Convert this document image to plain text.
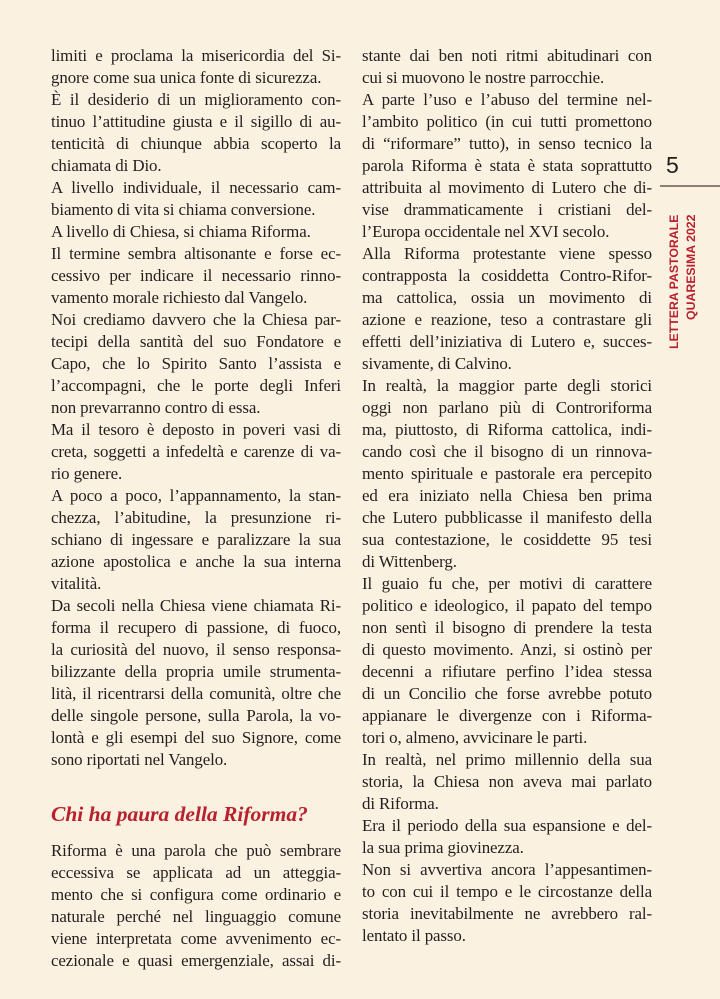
limiti e proclama la misericordia del Si-
gnore come sua unica fonte di sicurezza.
È il desiderio di un miglioramento con-
tinuo l’attitudine giusta e il sigillo di au-
tenticità di chiunque abbia scoperto la
chiamata di Dio.
A livello individuale, il necessario cam-
biamento di vita si chiama conversione.
A livello di Chiesa, si chiama Riforma.
Il termine sembra altisonante e forse ec-
cessivo per indicare il necessario rinno-
vamento morale richiesto dal Vangelo.
Noi crediamo davvero che la Chiesa par-
tecipi della santità del suo Fondatore e
Capo, che lo Spirito Santo l’assista e
l’accompagni, che le porte degli Inferi
non prevarranno contro di essa.
Ma il tesoro è deposto in poveri vasi di
creta, soggetti a infedeltà e carenze di va-
rio genere.
A poco a poco, l’appannamento, la stan-
chezza, l’abitudine, la presunzione ri-
schiano di ingessare e paralizzare la sua
azione apostolica e anche la sua interna
vitalità.
Da secoli nella Chiesa viene chiamata Ri-
forma il recupero di passione, di fuoco,
la curiosità del nuovo, il senso responsa-
bilizzante della propria umile strumenta-
lità, il ricentrarsi della comunità, oltre che
delle singole persone, sulla Parola, la vo-
lontà e gli esempi del suo Signore, come
sono riportati nel Vangelo.
Chi ha paura della Riforma?
Riforma è una parola che può sembrare
eccessiva se applicata ad un atteggia-
mento che si configura come ordinario e
naturale perché nel linguaggio comune
viene interpretata come avvenimento ec-
cezionale e quasi emergenziale, assai di-
stante dai ben noti ritmi abitudinari con
cui si muovono le nostre parrocchie.
A parte l’uso e l’abuso del termine nel-
l’ambito politico (in cui tutti promettono
di “riformare” tutto), in senso tecnico la
parola Riforma è stata è stata soprattutto
attribuita al movimento di Lutero che di-
vise drammaticamente i cristiani del-
l’Europa occidentale nel XVI secolo.
Alla Riforma protestante viene spesso
contrapposta la cosiddetta Contro-Rifor-
ma cattolica, ossia un movimento di
azione e reazione, teso a contrastare gli
effetti dell’iniziativa di Lutero e, succes-
sivamente, di Calvino.
In realtà, la maggior parte degli storici
oggi non parlano più di Controriforma
ma, piuttosto, di Riforma cattolica, indi-
cando così che il bisogno di un rinnova-
mento spirituale e pastorale era percepito
ed era iniziato nella Chiesa ben prima
che Lutero pubblicasse il manifesto della
sua contestazione, le cosiddette 95 tesi
di Wittenberg.
Il guaio fu che, per motivi di carattere
politico e ideologico, il papato del tempo
non sentì il bisogno di prendere la testa
di questo movimento. Anzi, si ostinò per
decenni a rifiutare perfino l’idea stessa
di un Concilio che forse avrebbe potuto
appianare le divergenze con i Riforma-
tori o, almeno, avvicinare le parti.
In realtà, nel primo millennio della sua
storia, la Chiesa non aveva mai parlato
di Riforma.
Era il periodo della sua espansione e del-
la sua prima giovinezza.
Non si avvertiva ancora l’appesantimen-
to con cui il tempo e le circostanze della
storia inevitabilmente ne avrebbero ral-
lentato il passo.
5
LETTERA PASTORALE QUARESIMA 2022
